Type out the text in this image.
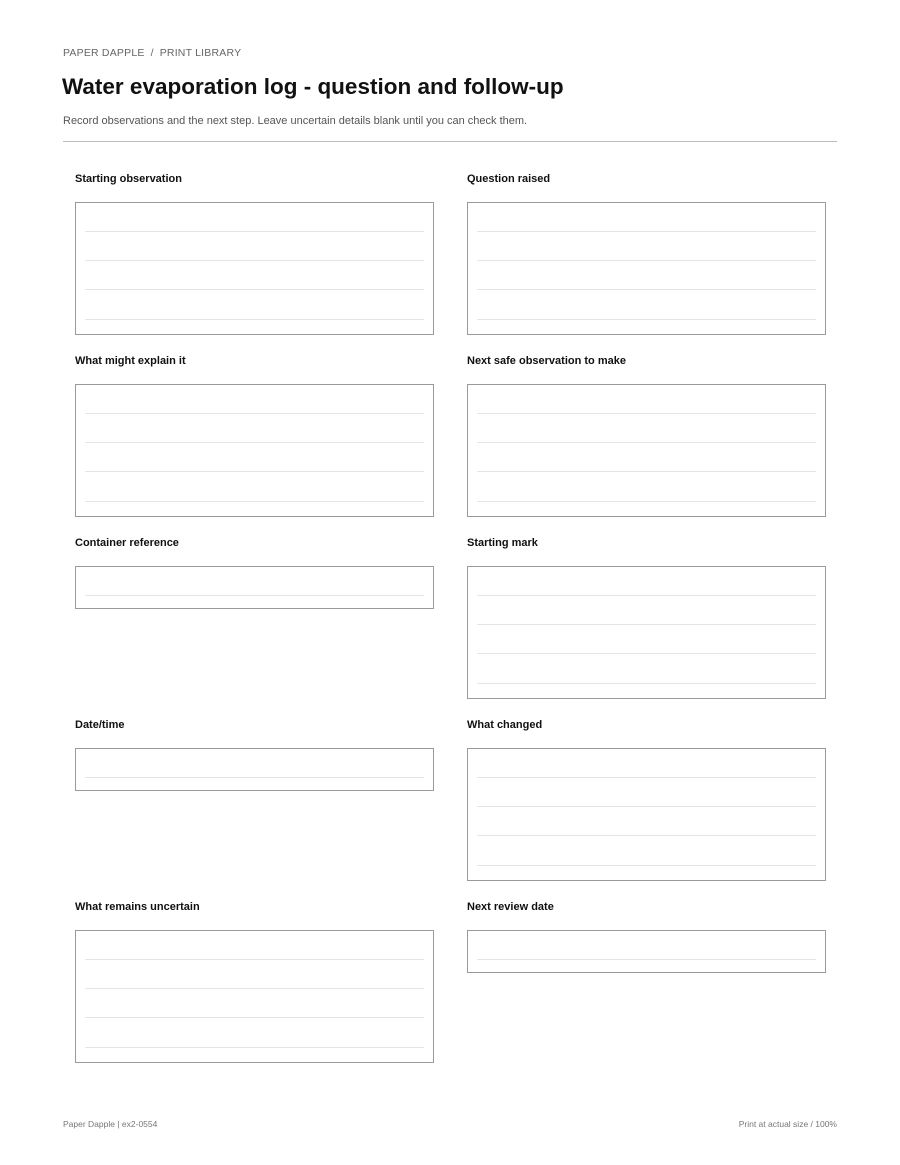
PAPER DAPPLE / PRINT LIBRARY
Water evaporation log - question and follow-up
Record observations and the next step. Leave uncertain details blank until you can check them.
Starting observation	Question raised
What might explain it	Next safe observation to make
Container reference	Starting mark
Date/time	What changed
What remains uncertain	Next review date
Paper Dapple | ex2-0554	Print at actual size / 100%
